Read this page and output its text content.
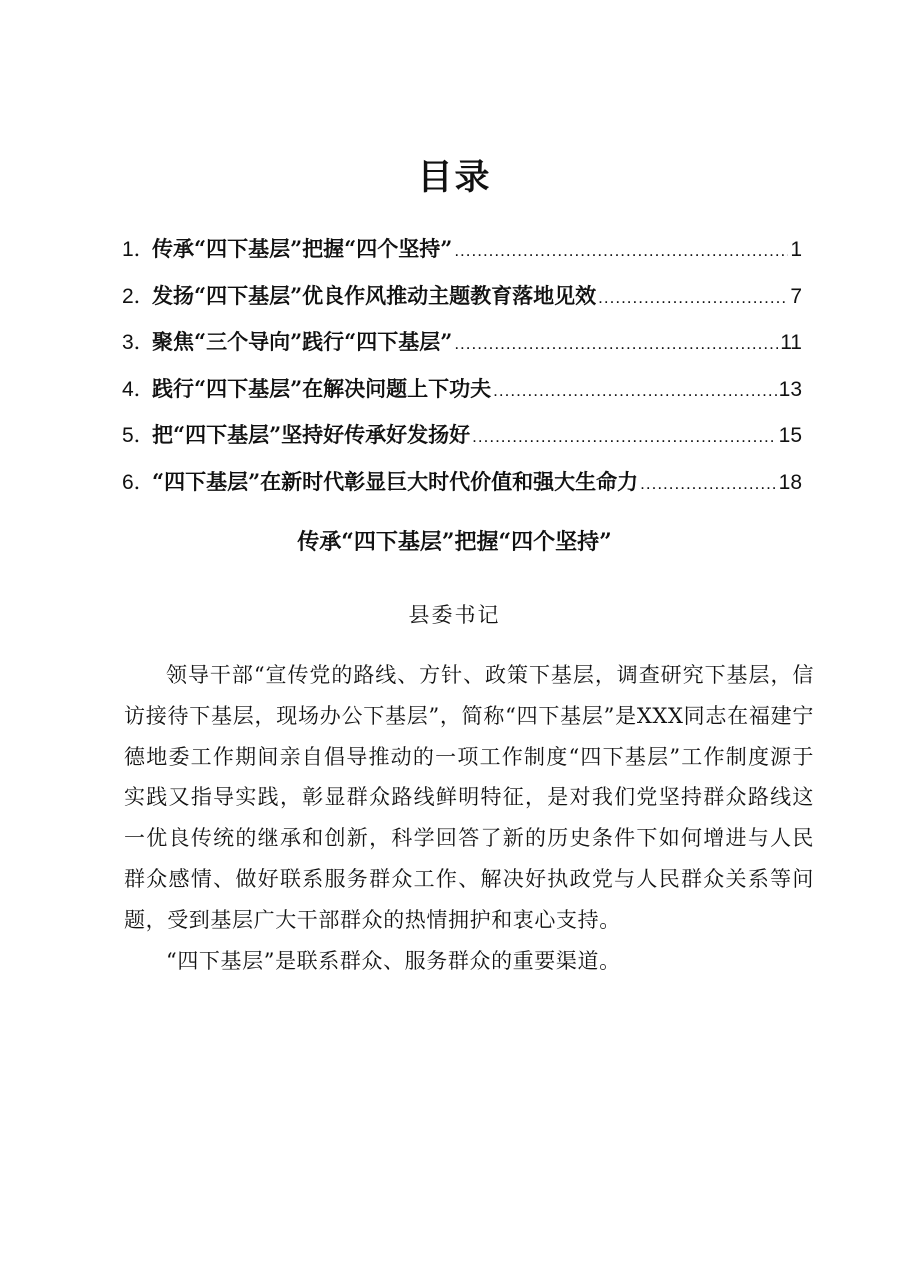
目录
1．
传承“四下基层”把握“四个坚持” .....	1
2．
发扬“四下基层”优良作风推动主题教育落地见效 .....	7
3．
聚焦“三个导向”践行“四下基层” .....	11
4．
践行“四下基层”在解决问题上下功夫 .....	13
5．
把“四下基层”坚持好传承好发扬好 .....	15
6．
“四下基层”在新时代彰显巨大时代价值和强大生命力 .....	18
传承“四下基层”把握“四个坚持”
县委书记

领导干部“宣传党的路线、方针、政策下基层，调查研究下基层，信访接待下基层，现场办公下基层”，简称“四下基层”是XXX同志在福建宁德地委工作期间亲自倡导推动的一项工作制度“四下基层”工作制度源于实践又指导实践，彰显群众路线鲜明特征，是对我们党坚持群众路线这一优良传统的继承和创新，科学回答了新的历史条件下如何增进与人民群众感情、做好联系服务群众工作、解决好执政党与人民群众关系等问题，受到基层广大干部群众的热情拥护和衷心支持。

“四下基层”是联系群众、服务群众的重要渠道。
